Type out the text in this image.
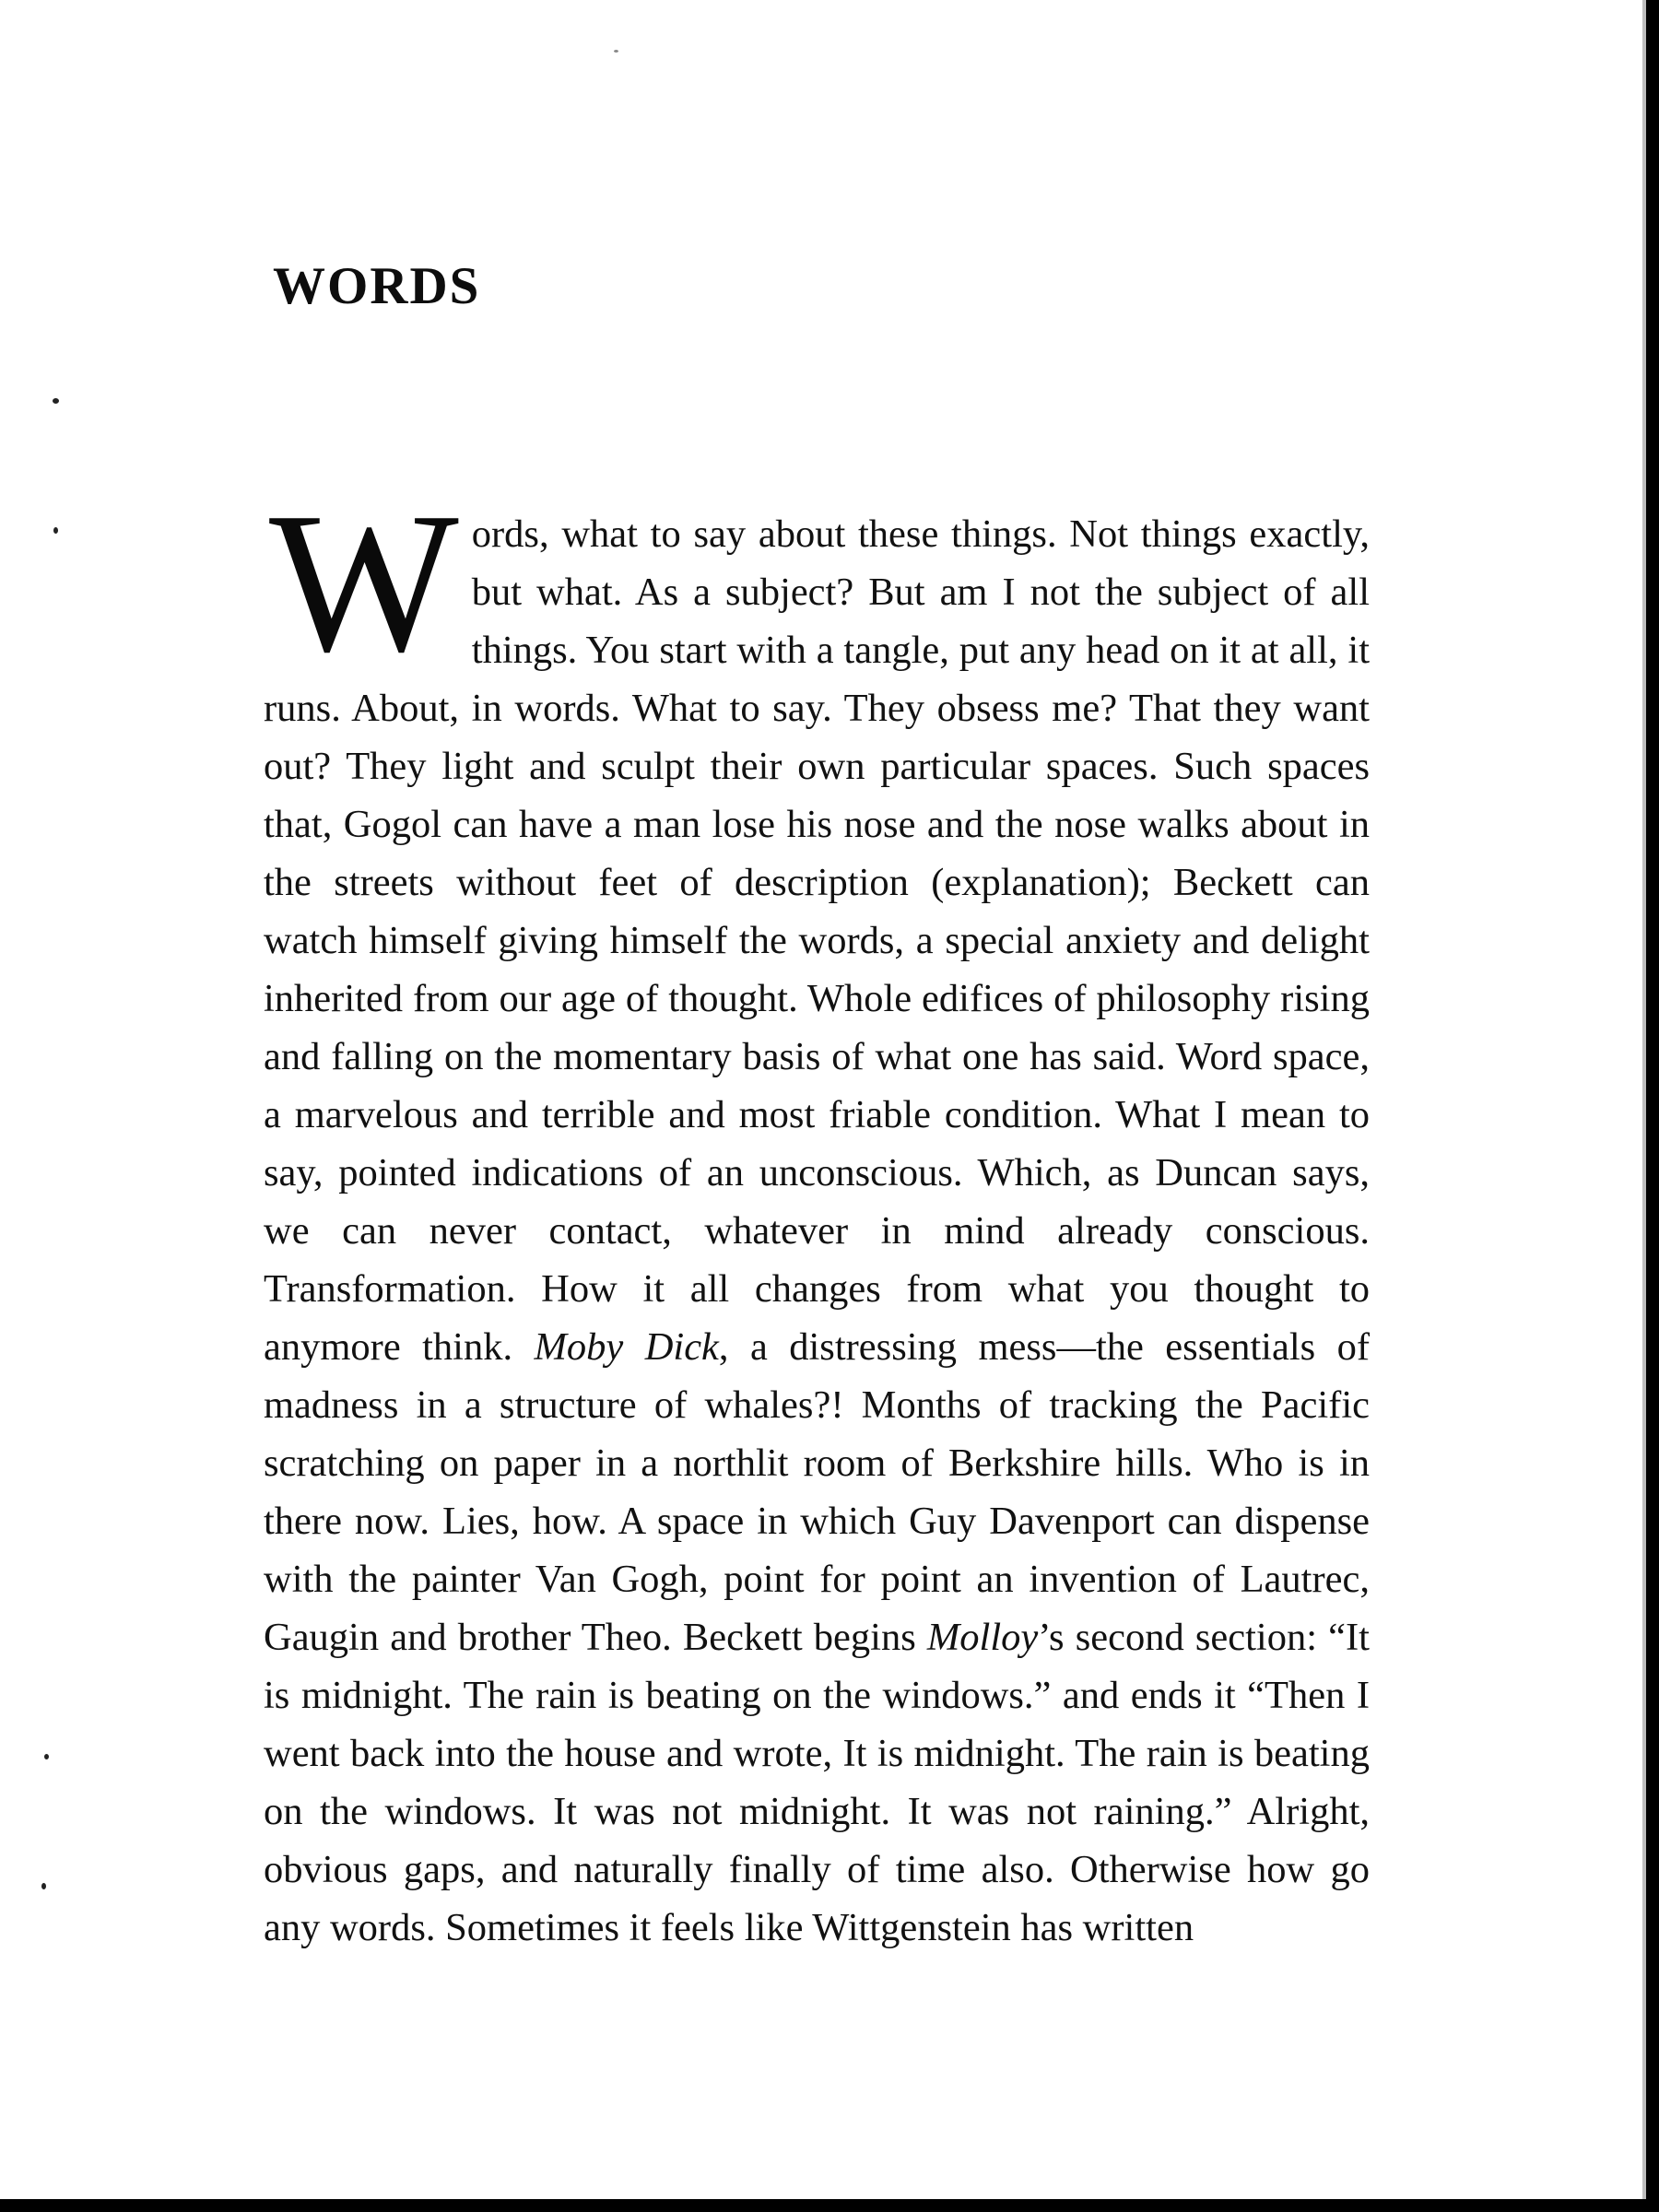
WORDS

Words, what to say about these things. Not things exactly, but what. As a subject? But am I not the subject of all things. You start with a tangle, put any head on it at all, it runs. About, in words. What to say. They obsess me? That they want out? They light and sculpt their own particular spaces. Such spaces that, Gogol can have a man lose his nose and the nose walks about in the streets without feet of description (explanation); Beckett can watch himself giving himself the words, a special anxiety and delight inherited from our age of thought. Whole edifices of philosophy rising and falling on the momentary basis of what one has said. Word space, a marvelous and terrible and most friable condition. What I mean to say, pointed indications of an unconscious. Which, as Duncan says, we can never contact, whatever in mind already conscious. Transformation. How it all changes from what you thought to anymore think. Moby Dick, a distressing mess—the essentials of madness in a structure of whales?! Months of tracking the Pacific scratching on paper in a northlit room of Berkshire hills. Who is in there now. Lies, how. A space in which Guy Davenport can dispense with the painter Van Gogh, point for point an invention of Lautrec, Gaugin and brother Theo. Beckett begins Molloy’s second section: “It is midnight. The rain is beating on the windows.” and ends it “Then I went back into the house and wrote, It is midnight. The rain is beating on the windows. It was not midnight. It was not raining.” Alright, obvious gaps, and naturally finally of time also. Otherwise how go any words. Sometimes it feels like Wittgenstein has written
